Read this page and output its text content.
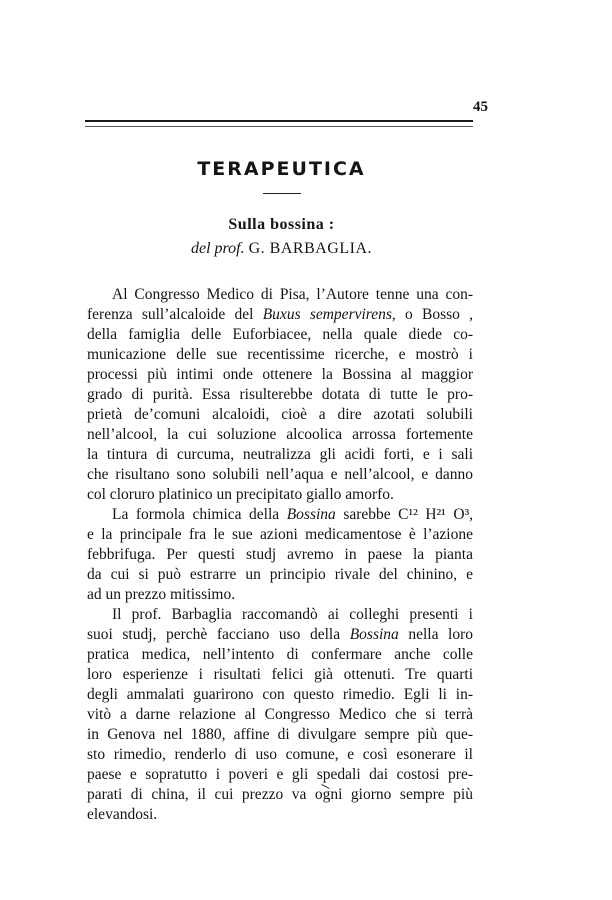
45
TERAPEUTICA
Sulla bossina :
del prof. G. BARBAGLIA.
Al Congresso Medico di Pisa, l’Autore tenne una con-
ferenza sull’alcaloide del Buxus sempervirens, o Bosso ,
della famiglia delle Euforbiacee, nella quale diede co-
municazione delle sue recentissime ricerche, e mostrò i
processi più intimi onde ottenere la Bossina al maggior
grado di purità. Essa risulterebbe dotata di tutte le pro-
prietà de’comuni alcaloidi, cioè a dire azotati solubili
nell’alcool, la cui soluzione alcoolica arrossa fortemente
la tintura di curcuma, neutralizza gli acidi forti, e i sali
che risultano sono solubili nell’aqua e nell’alcool, e danno
col cloruro platinico un precipitato giallo amorfo.
La formola chimica della Bossina sarebbe C¹² H²¹ O³,
e la principale fra le sue azioni medicamentose è l’azione
febbrifuga. Per questi studj avremo in paese la pianta
da cui si può estrarre un principio rivale del chinino, e
ad un prezzo mitissimo.
Il prof. Barbaglia raccomandò ai colleghi presenti i
suoi studj, perchè facciano uso della Bossina nella loro
pratica medica, nell’intento di confermare anche colle
loro esperienze i risultati felici già ottenuti. Tre quarti
degli ammalati guarirono con questo rimedio. Egli li in-
vitò a darne relazione al Congresso Medico che si terrà
in Genova nel 1880, affine di divulgare sempre più que-
sto rimedio, renderlo di uso comune, e così esonerare il
paese e sopratutto i poveri e gli spedali dai costosi pre-
parati di china, il cui prezzo va ogni giorno sempre più
elevandosi.
